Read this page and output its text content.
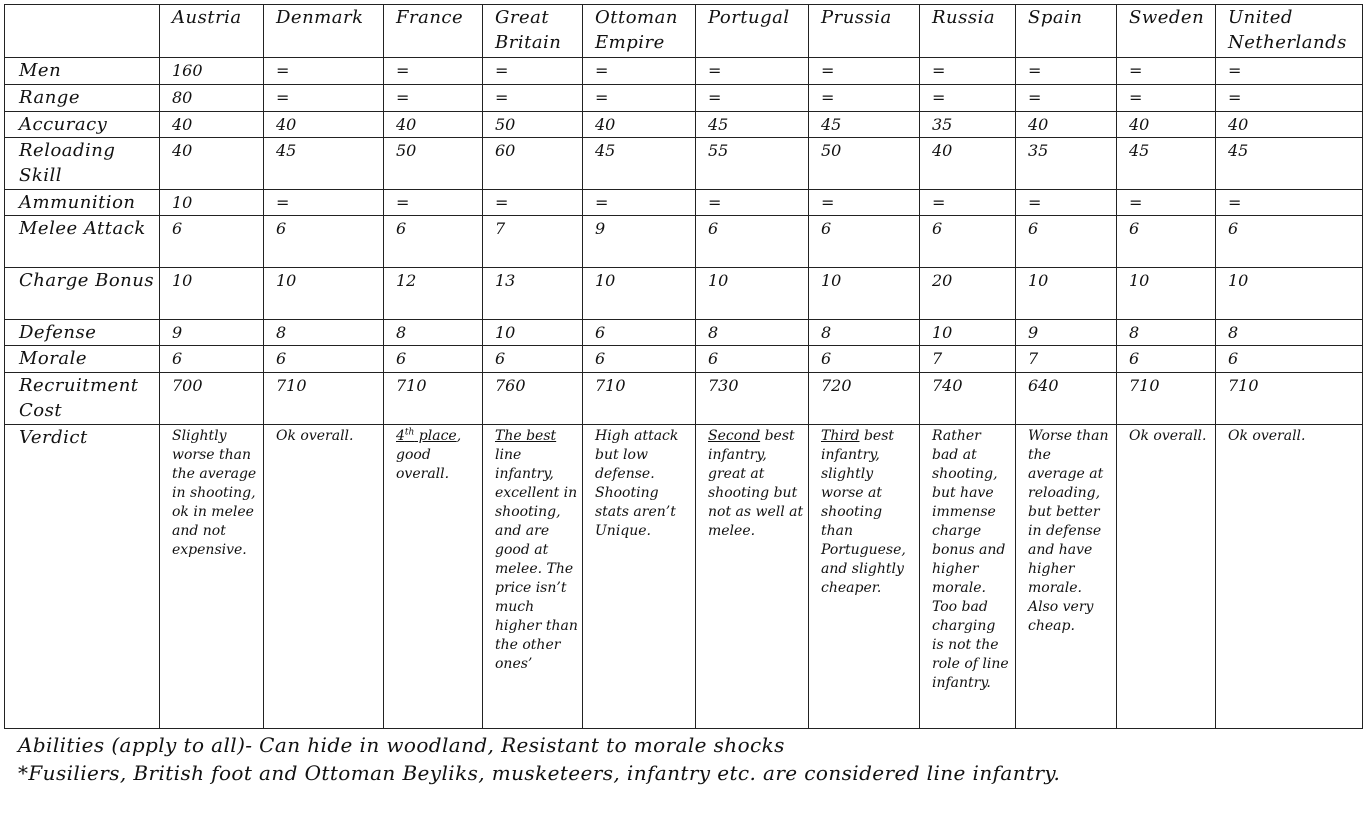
	Austria	Denmark	France	Great Britain	Ottoman Empire	Portugal	Prussia	Russia	Spain	Sweden	United Netherlands
Men	160	=	=	=	=	=	=	=	=	=	=
Range	80	=	=	=	=	=	=	=	=	=	=
Accuracy	40	40	40	50	40	45	45	35	40	40	40
Reloading Skill	40	45	50	60	45	55	50	40	35	45	45
Ammunition	10	=	=	=	=	=	=	=	=	=	=
Melee Attack	6	6	6	7	9	6	6	6	6	6	6
Charge Bonus	10	10	12	13	10	10	10	20	10	10	10
Defense	9	8	8	10	6	8	8	10	9	8	8
Morale	6	6	6	6	6	6	6	7	7	6	6
Recruitment Cost	700	710	710	760	710	730	720	740	640	710	710
Verdict	Slightly worse than the average in shooting, ok in melee and not expensive.	Ok overall.	4th place, good overall.	The best line infantry, excellent in shooting, and are good at melee. The price isn’t much higher than the other ones’	High attack but low defense. Shooting stats aren’t Unique.	Second best infantry, great at shooting but not as well at melee.	Third best infantry, slightly worse at shooting than Portuguese, and slightly cheaper.	Rather bad at shooting, but have immense charge bonus and higher morale. Too bad charging is not the role of line infantry.	Worse than the average at reloading, but better in defense and have higher morale. Also very cheap.	Ok overall.	Ok overall.
Abilities (apply to all)- Can hide in woodland, Resistant to morale shocks
*Fusiliers, British foot and Ottoman Beyliks, musketeers, infantry etc. are considered line infantry.
